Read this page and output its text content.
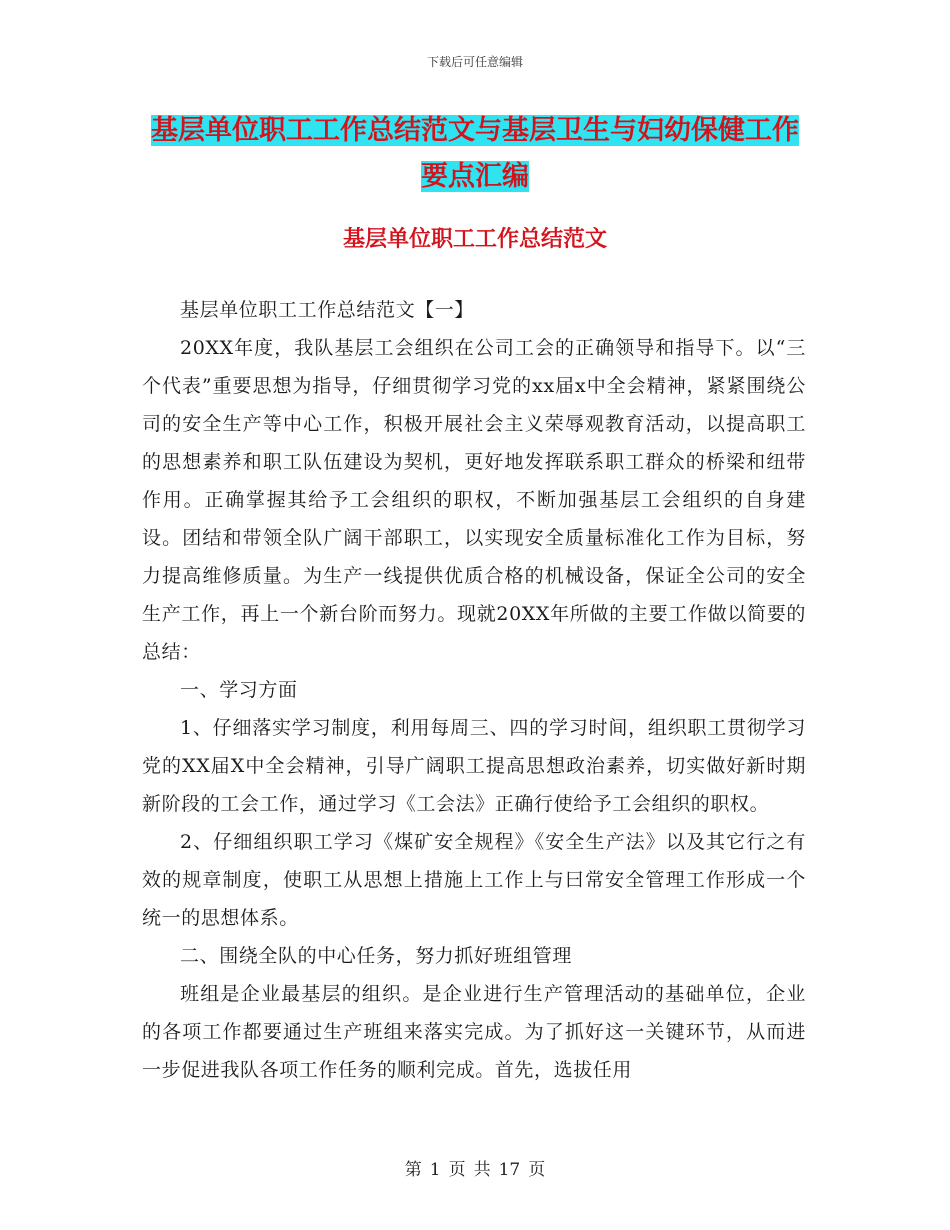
下载后可任意编辑
基层单位职工工作总结范文与基层卫生与妇幼保健工作要点汇编
基层单位职工工作总结范文

基层单位职工工作总结范文【一】

20XX年度，我队基层工会组织在公司工会的正确领导和指导下。以“三个代表”重要思想为指导，仔细贯彻学习党的xx届x中全会精神，紧紧围绕公司的安全生产等中心工作，积极开展社会主义荣辱观教育活动，以提高职工的思想素养和职工队伍建设为契机，更好地发挥联系职工群众的桥梁和纽带作用。正确掌握其给予工会组织的职权，不断加强基层工会组织的自身建设。团结和带领全队广阔干部职工，以实现安全质量标准化工作为目标，努力提高维修质量。为生产一线提供优质合格的机械设备，保证全公司的安全生产工作，再上一个新台阶而努力。现就20XX年所做的主要工作做以简要的总结：

一、学习方面

1、仔细落实学习制度，利用每周三、四的学习时间，组织职工贯彻学习党的XX届X中全会精神，引导广阔职工提高思想政治素养，切实做好新时期新阶段的工会工作，通过学习《工会法》正确行使给予工会组织的职权。

2、仔细组织职工学习《煤矿安全规程》《安全生产法》以及其它行之有效的规章制度，使职工从思想上措施上工作上与曰常安全管理工作形成一个统一的思想体系。

二、围绕全队的中心任务，努力抓好班组管理

班组是企业最基层的组织。是企业进行生产管理活动的基础单位，企业的各项工作都要通过生产班组来落实完成。为了抓好这一关键环节，从而进一步促进我队各项工作任务的顺利完成。首先，选拔任用

第 1 页 共 17 页
